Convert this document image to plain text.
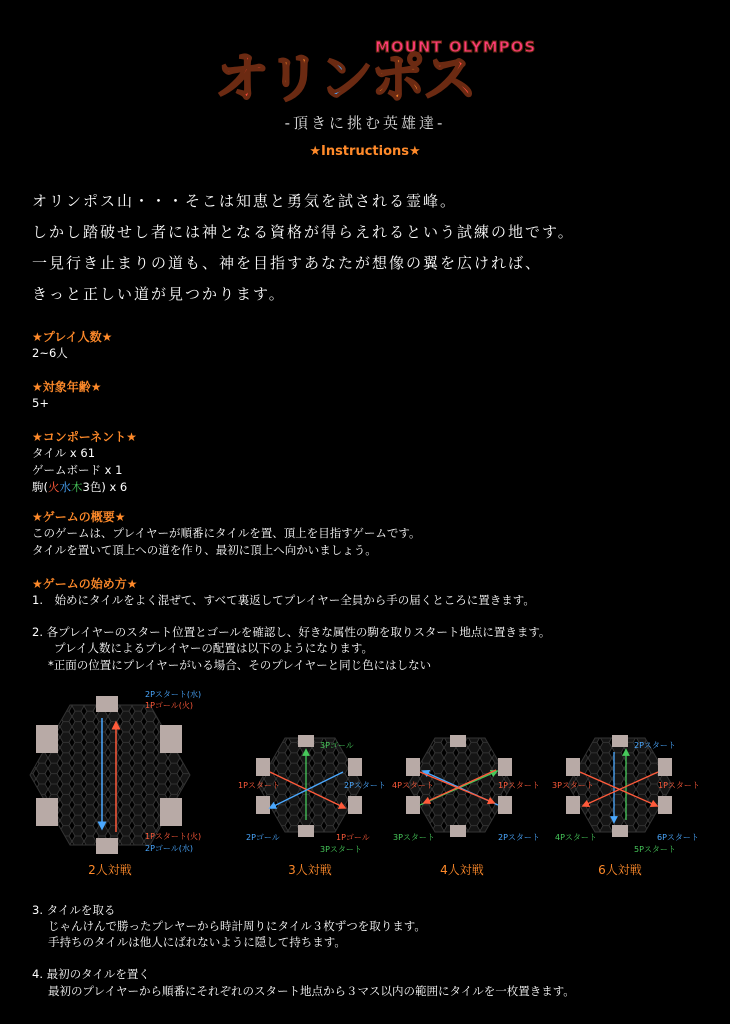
オリンポス
MOUNT OLYMPOS
-頂きに挑む英雄達-
★Instructions★
オリンポス山・・・そこは知恵と勇気を試される霊峰。
しかし踏破せし者には神となる資格が得らえれるという試練の地です。
一見行き止まりの道も、神を目指すあなたが想像の翼を広ければ、
きっと正しい道が見つかります。
★プレイ人数★
2~6人
★対象年齢★
5+
★コンポーネント★
タイル x 61
ゲームボード x 1
駒(火水木3色) x 6
★ゲームの概要★
このゲームは、プレイヤーが順番にタイルを置、頂上を目指すゲームです。
タイルを置いて頂上への道を作り、最初に頂上へ向かいましょう。
★ゲームの始め方★
1.　始めにタイルをよく混ぜて、すべて裏返してプレイヤー全員から手の届くところに置きます。
2. 各プレイヤーのスタート位置とゴールを確認し、好きな属性の駒を取りスタート地点に置きます。
プレイ人数によるプレイヤーの配置は以下のようになります。
*正面の位置にプレイヤーがいる場合、そのプレイヤーと同じ色にはしない
2Pスタート(水)
1Pゴール(火)
1Pスタート(火)
2Pゴール(水)
2人対戦
3Pゴール
1Pスタート	2Pスタート
2Pゴール	1Pゴール
3Pスタート
3人対戦
4Pスタート	1Pスタート
3Pスタート	2Pスタート
4人対戦
2Pスタート
3Pスタート	1Pスタート
4Pスタート	6Pスタート
5Pスタート
6人対戦
3. タイルを取る
じゃんけんで勝ったプレヤーから時計周りにタイル３枚ずつを取ります。
手持ちのタイルは他人にばれないように隠して持ちます。
4. 最初のタイルを置く
最初のプレイヤーから順番にそれぞれのスタート地点から３マス以内の範囲にタイルを一枚置きます。
